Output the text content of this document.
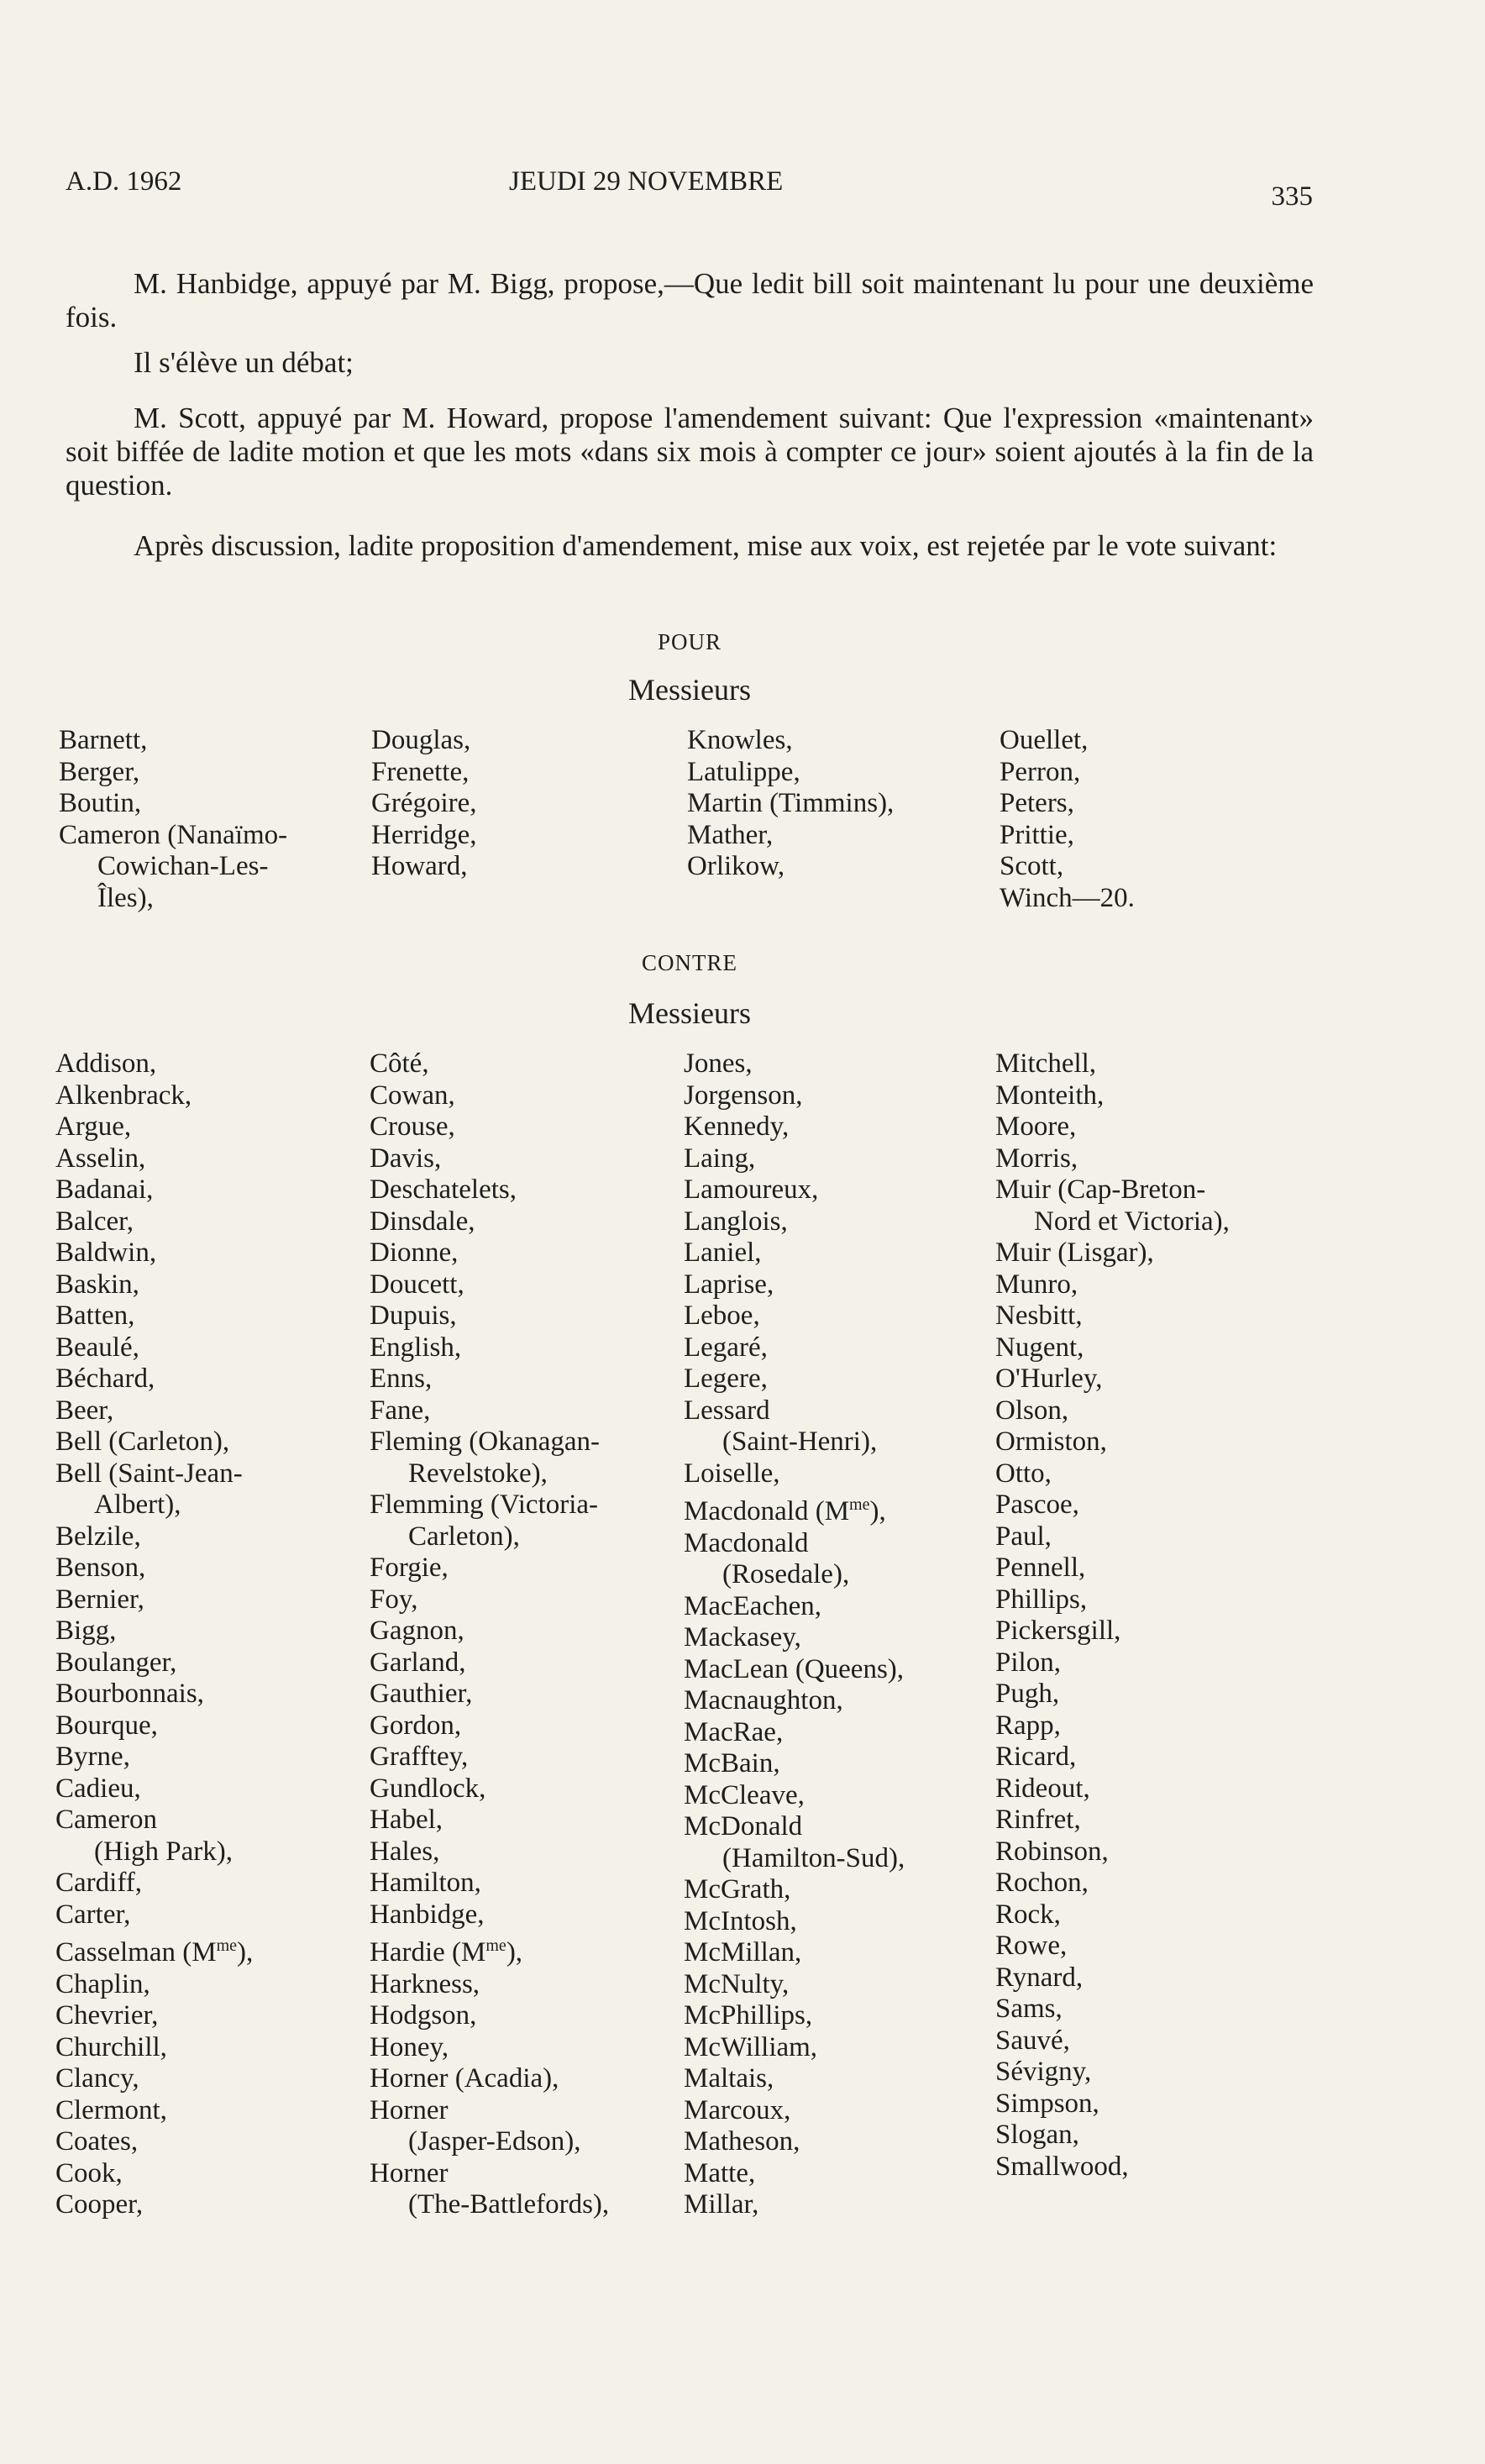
A.D. 1962	JEUDI 29 NOVEMBRE	335

M. Hanbidge, appuyé par M. Bigg, propose,—Que ledit bill soit maintenant lu pour une deuxième fois.

Il s'élève un débat;

M. Scott, appuyé par M. Howard, propose l'amendement suivant: Que l'expression «maintenant» soit biffée de ladite motion et que les mots «dans six mois à compter ce jour» soient ajoutés à la fin de la question.

Après discussion, ladite proposition d'amendement, mise aux voix, est rejetée par le vote suivant:

POUR
Messieurs
CONTRE
Messieurs
Barnett,
Berger,
Boutin,
Cameron (Nanaïmo-
Cowichan-Les-
Îles),
Douglas,
Frenette,
Grégoire,
Herridge,
Howard,
Knowles,
Latulippe,
Martin (Timmins),
Mather,
Orlikow,
Ouellet,
Perron,
Peters,
Prittie,
Scott,
Winch—20.
Addison,
Alkenbrack,
Argue,
Asselin,
Badanai,
Balcer,
Baldwin,
Baskin,
Batten,
Beaulé,
Béchard,
Beer,
Bell (Carleton),
Bell (Saint-Jean-
Albert),
Belzile,
Benson,
Bernier,
Bigg,
Boulanger,
Bourbonnais,
Bourque,
Byrne,
Cadieu,
Cameron
(High Park),
Cardiff,
Carter,
Casselman $(M^{me})$,
Chaplin,
Chevrier,
Churchill,
Clancy,
Clermont,
Coates,
Cook,
Cooper,
Côté,
Cowan,
Crouse,
Davis,
Deschatelets,
Dinsdale,
Dionne,
Doucett,
Dupuis,
English,
Enns,
Fane,
Fleming (Okanagan-
Revelstoke),
Flemming (Victoria-
Carleton),
Forgie,
Foy,
Gagnon,
Garland,
Gauthier,
Gordon,
Grafftey,
Gundlock,
Habel,
Hales,
Hamilton,
Hanbidge,
Hardie $(M^{me})$,
Harkness,
Hodgson,
Honey,
Horner (Acadia),
Horner
(Jasper-Edson),
Horner
(The-Battlefords),
Jones,
Jorgenson,
Kennedy,
Laing,
Lamoureux,
Langlois,
Laniel,
Laprise,
Leboe,
Legaré,
Legere,
Lessard
(Saint-Henri),
Loiselle,
Macdonald $(M^{me})$,
Macdonald
(Rosedale),
MacEachen,
Mackasey,
MacLean (Queens),
Macnaughton,
MacRae,
McBain,
McCleave,
McDonald
(Hamilton-Sud),
McGrath,
McIntosh,
McMillan,
McNulty,
McPhillips,
McWilliam,
Maltais,
Marcoux,
Matheson,
Matte,
Millar,
Mitchell,
Monteith,
Moore,
Morris,
Muir (Cap-Breton-
Nord et Victoria),
Muir (Lisgar),
Munro,
Nesbitt,
Nugent,
O'Hurley,
Olson,
Ormiston,
Otto,
Pascoe,
Paul,
Pennell,
Phillips,
Pickersgill,
Pilon,
Pugh,
Rapp,
Ricard,
Rideout,
Rinfret,
Robinson,
Rochon,
Rock,
Rowe,
Rynard,
Sams,
Sauvé,
Sévigny,
Simpson,
Slogan,
Smallwood,
